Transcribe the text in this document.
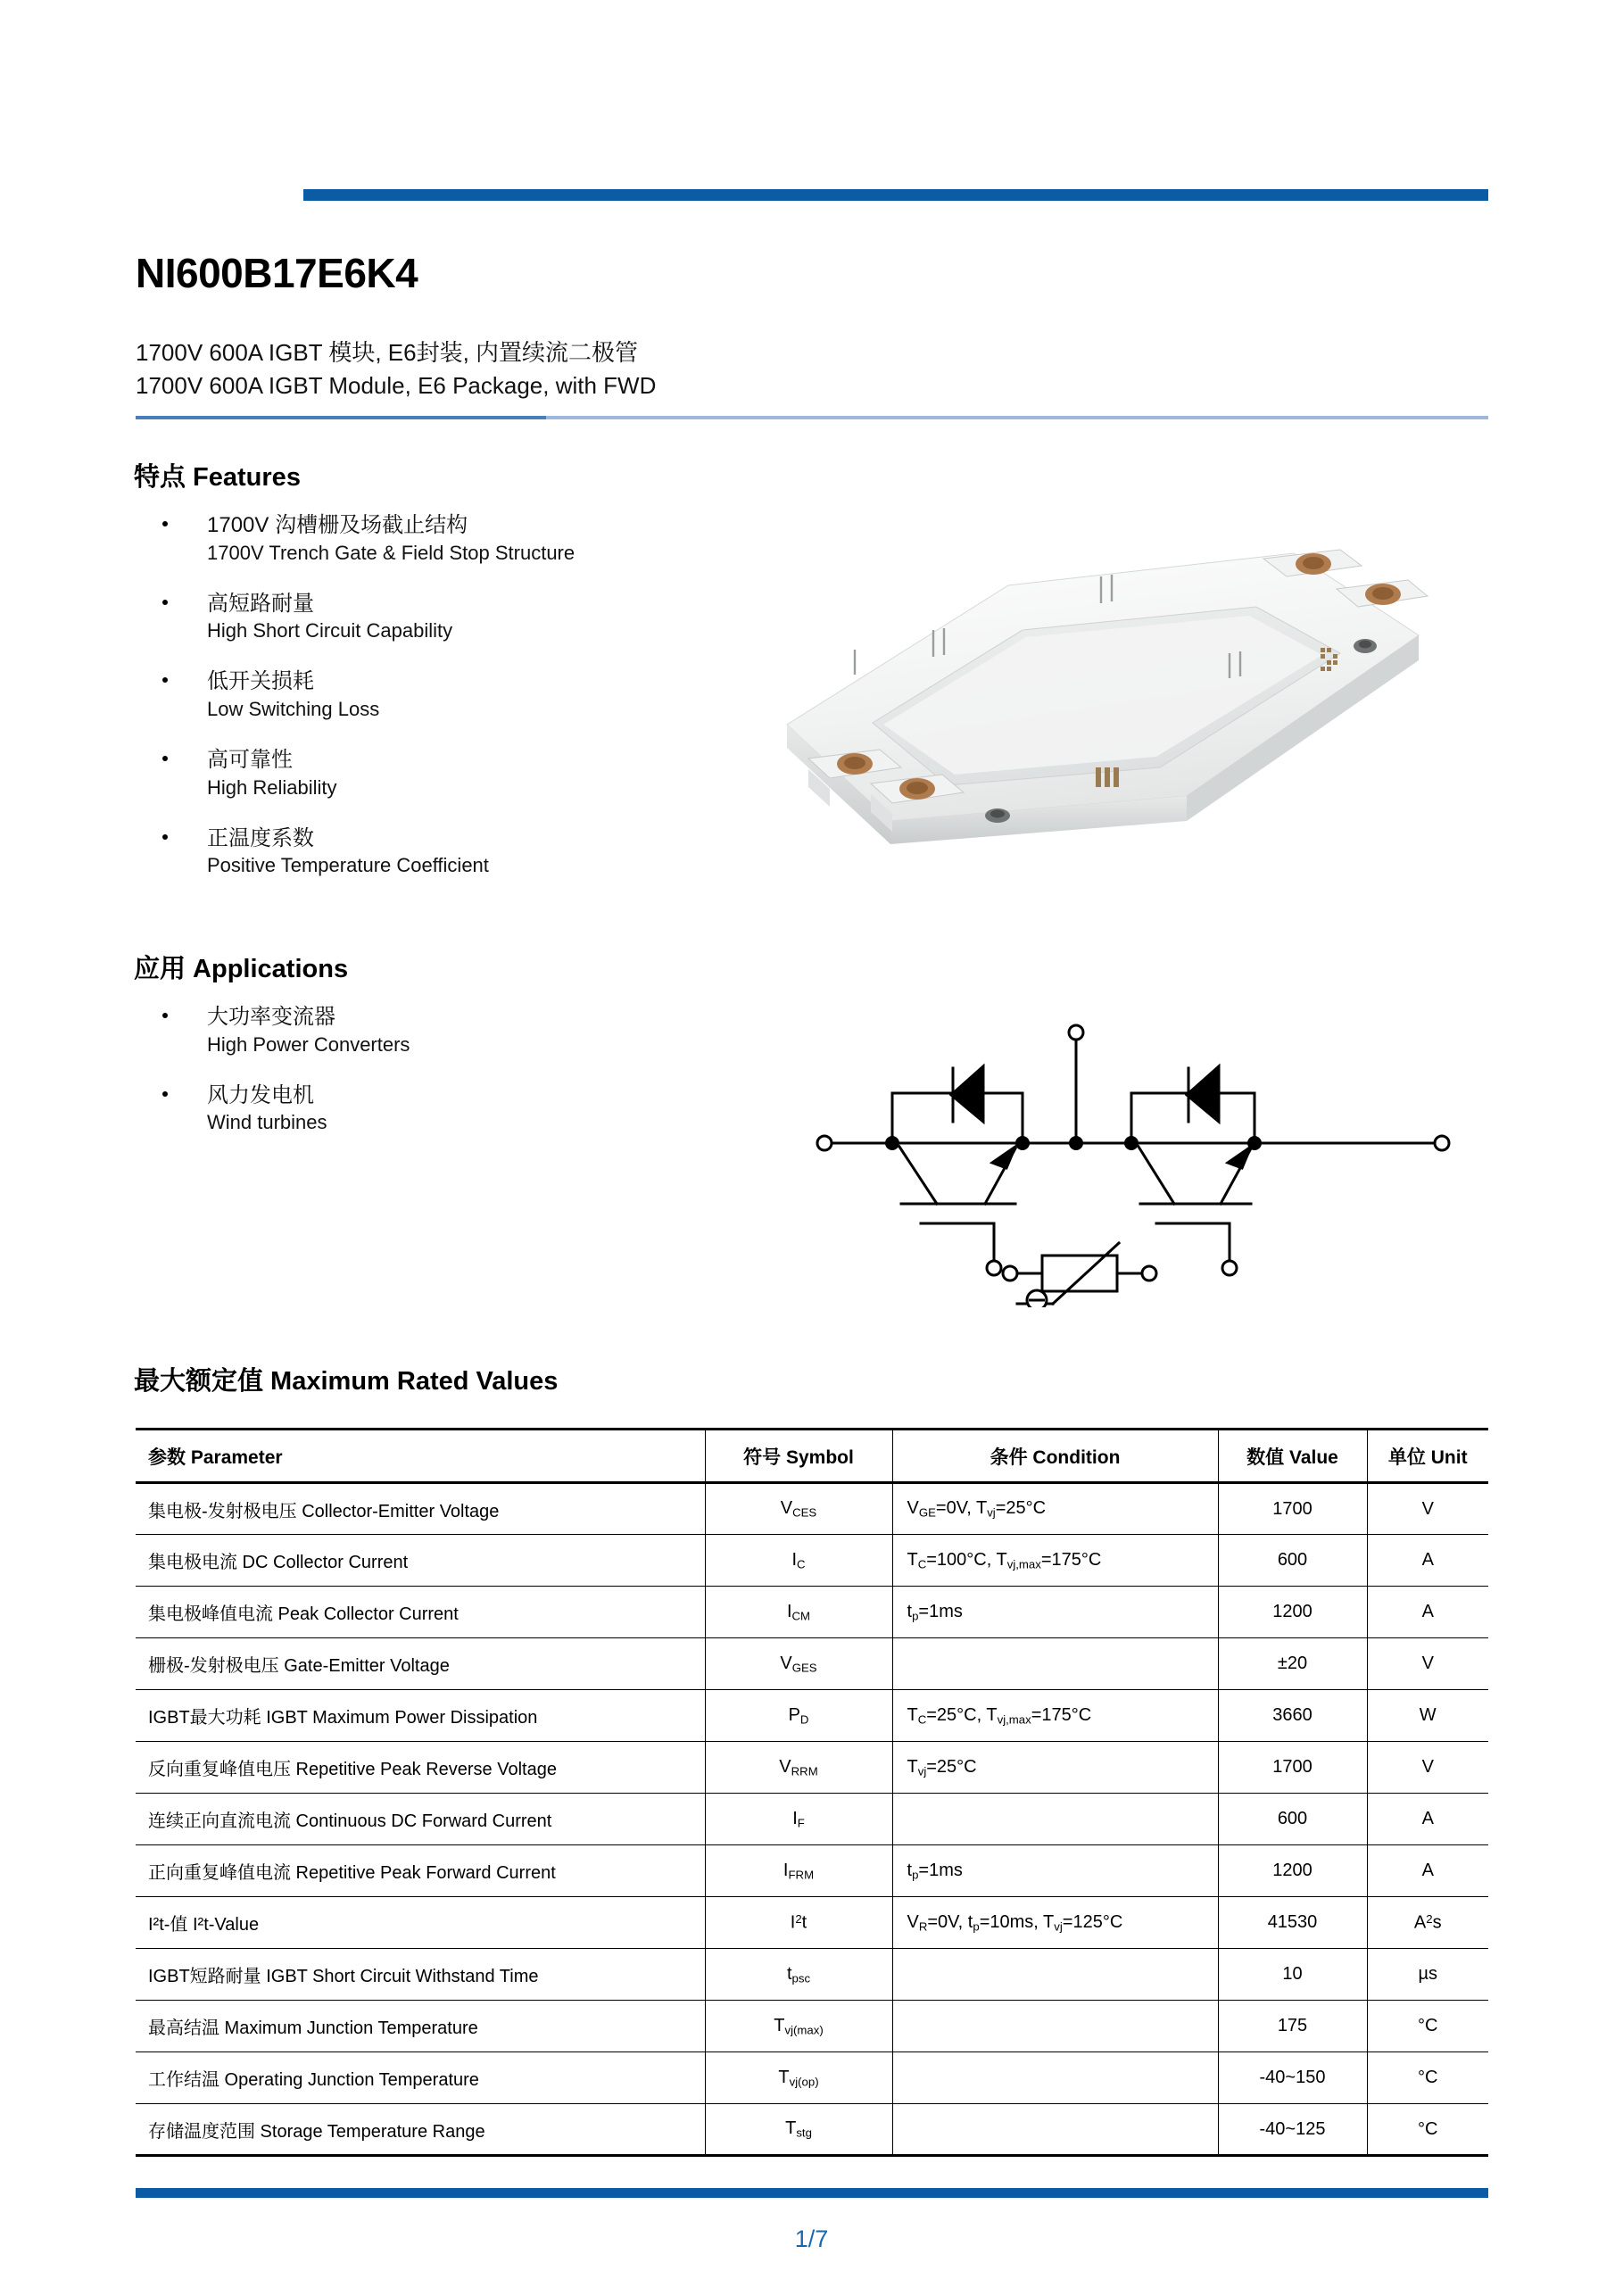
NI600B17E6K4
1700V 600A IGBT 模块, E6封装, 内置续流二极管
1700V 600A IGBT Module, E6 Package, with FWD
特点 Features
1700V 沟槽栅及场截止结构
1700V Trench Gate & Field Stop Structure
高短路耐量
High Short Circuit Capability
低开关损耗
Low Switching Loss
高可靠性
High Reliability
正温度系数
Positive Temperature Coefficient
应用 Applications
大功率变流器
High Power Converters
风力发电机
Wind turbines
最大额定值 Maximum Rated Values
参数 Parameter	符号 Symbol	条件 Condition	数值 Value	单位 Unit
集电极-发射极电压 Collector-Emitter Voltage	$V_{CES}$	$V_{GE}=0V$, $T_{vj}=25^\circ C$	1700	V
集电极电流 DC Collector Current	$I_C$	$T_C=100^\circ C$, $T_{vj,max}=175^\circ C$	600	A
集电极峰值电流 Peak Collector Current	$I_{CM}$	$t_p=1ms$	1200	A
栅极-发射极电压 Gate-Emitter Voltage	$V_{GES}$		±20	V
IGBT最大功耗 IGBT Maximum Power Dissipation	$P_D$	$T_C=25^\circ C$, $T_{vj,max}=175^\circ C$	3660	W
反向重复峰值电压 Repetitive Peak Reverse Voltage	$V_{RRM}$	$T_{vj}=25^\circ C$	1700	V
连续正向直流电流 Continuous DC Forward Current	$I_F$		600	A
正向重复峰值电流 Repetitive Peak Forward Current	$I_{FRM}$	$t_p=1ms$	1200	A
I²t-值 I²t-Value	$I^2t$	$V_R=0V$, $t_p=10ms$, $T_{vj}=125^\circ C$	41530	$A^2s$
IGBT短路耐量 IGBT Short Circuit Withstand Time	$t_{psc}$		10	µs
最高结温 Maximum Junction Temperature	$T_{vj(max)}$		175	°C
工作结温 Operating Junction Temperature	$T_{vj(op)}$		-40~150	°C
存储温度范围 Storage Temperature Range	$T_{stg}$		-40~125	°C
1/7
